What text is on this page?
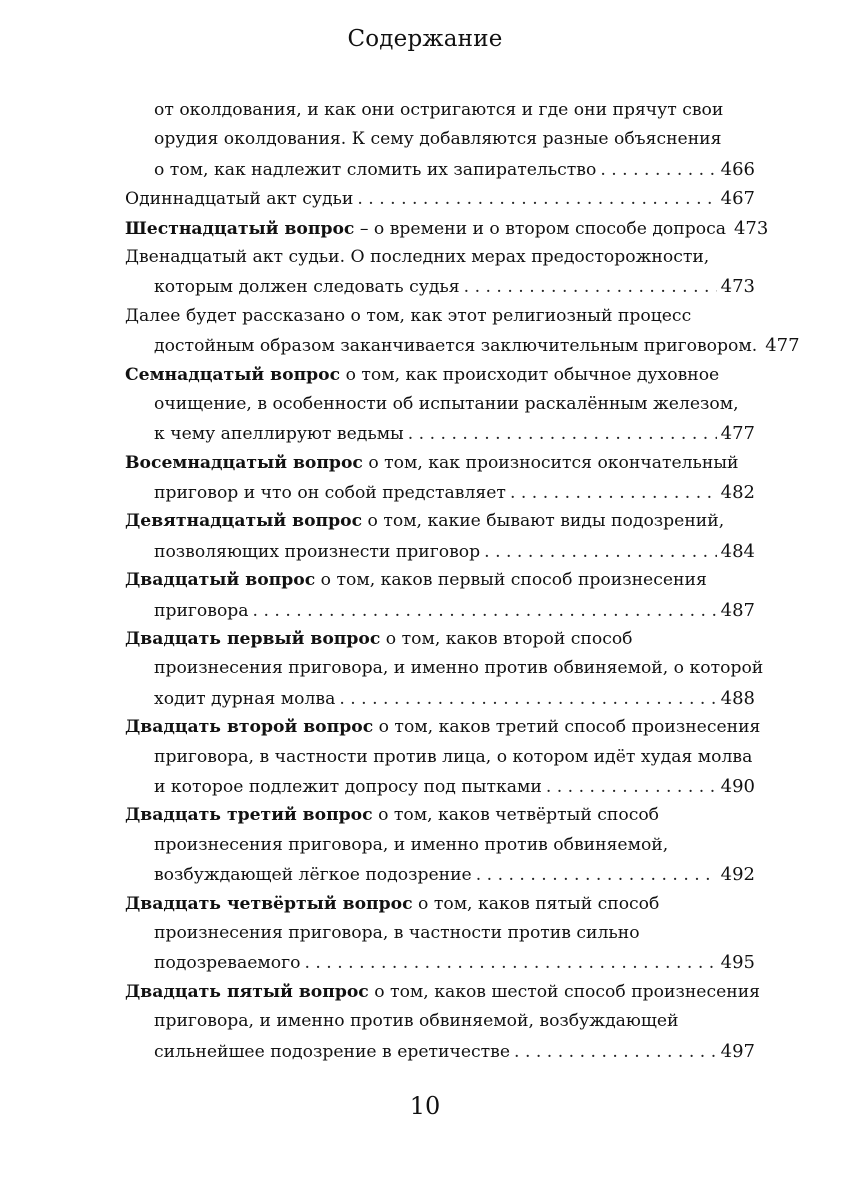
Содержание
от околдования, и как они остригаются и где они прячут свои
орудия околдования. К сему добавляются разные объяснения
о том, как надлежит сломить их запирательство . . .	466
Одиннадцатый акт судьи . . .	467
Шестнадцатый вопрос – о времени и о втором способе допроса 473
Двенадцатый акт судьи. О последних мерах предосторожности,
которым должен следовать судья . . .	473
Далее будет рассказано о том, как этот религиозный процесс
достойным образом заканчивается заключительным приговором. 477
Семнадцатый вопрос о том, как происходит обычное духовное
очищение, в особенности об испытании раскалённым железом,
к чему апеллируют ведьмы . . .	477
Восемнадцатый вопрос о том, как произносится окончательный
приговор и что он собой представляет . . .	482
Девятнадцатый вопрос о том, какие бывают виды подозрений,
позволяющих произнести приговор . . .	484
Двадцатый вопрос о том, каков первый способ произнесения
приговора . . .	487
Двадцать первый вопрос о том, каков второй способ
произнесения приговора, и именно против обвиняемой, о которой
ходит дурная молва . . .	488
Двадцать второй вопрос о том, каков третий способ произнесения
приговора, в частности против лица, о котором идёт худая молва
и которое подлежит допросу под пытками . . .	490
Двадцать третий вопрос о том, каков четвёртый способ
произнесения приговора, и именно против обвиняемой,
возбуждающей лёгкое подозрение . . .	492
Двадцать четвёртый вопрос о том, каков пятый способ
произнесения приговора, в частности против сильно
подозреваемого . . .	495
Двадцать пятый вопрос о том, каков шестой способ произнесения
приговора, и именно против обвиняемой, возбуждающей
сильнейшее подозрение в еретичестве . . .	497
10
